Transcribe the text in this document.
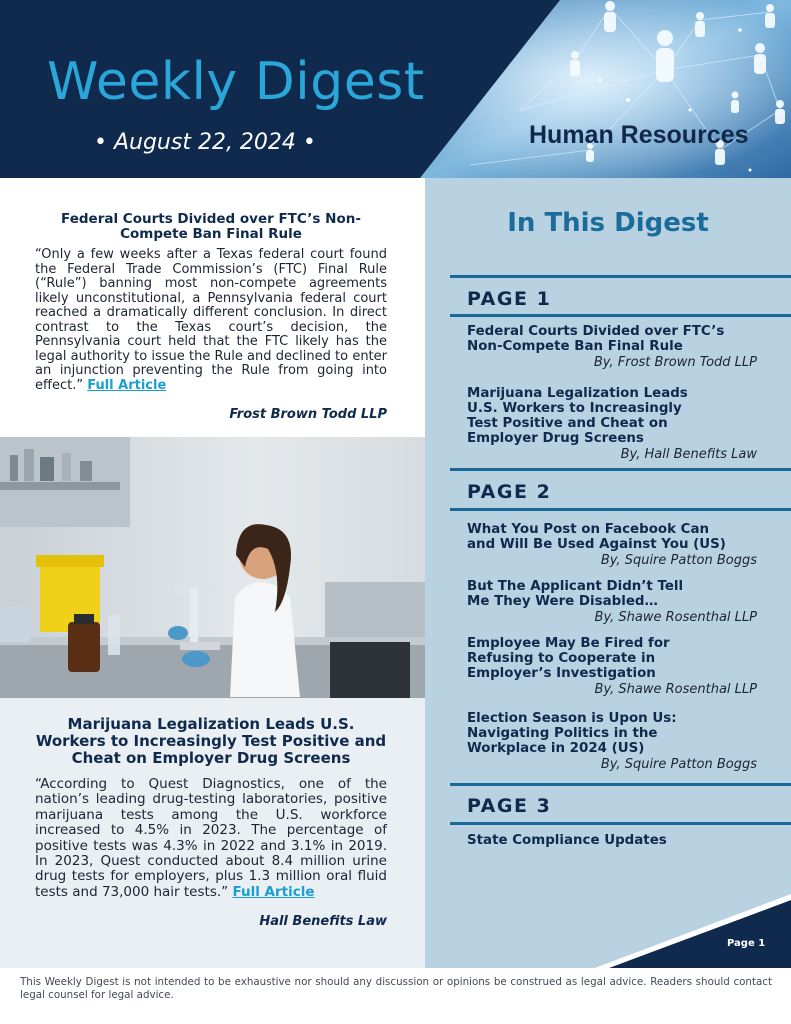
Weekly Digest
• August 22, 2024 •	Human Resources
Federal Courts Divided over FTC’s Non-Compete Ban Final Rule

“Only a few weeks after a Texas federal court found the Federal Trade Commission’s (FTC) Final Rule (“Rule”) banning most non-compete agreements likely unconstitutional, a Pennsylvania federal court reached a dramatically different conclusion. In direct contrast to the Texas court’s decision, the Pennsylvania court held that the FTC likely has the legal authority to issue the Rule and declined to enter an injunction preventing the Rule from going into effect.” Full Article

Frost Brown Todd LLP
Marijuana Legalization Leads U.S. Workers to Increasingly Test Positive and Cheat on Employer Drug Screens

“According to Quest Diagnostics, one of the nation’s leading drug-testing laboratories, positive marijuana tests among the U.S. workforce increased to 4.5% in 2023. The percentage of positive tests was 4.3% in 2022 and 3.1% in 2019. In 2023, Quest conducted about 8.4 million urine drug tests for employers, plus 1.3 million oral fluid tests and 73,000 hair tests.” Full Article

Hall Benefits Law
In This Digest
PAGE 1
Federal Courts Divided over FTC’s Non-Compete Ban Final Rule
By, Frost Brown Todd LLP
Marijuana Legalization Leads U.S. Workers to Increasingly Test Positive and Cheat on Employer Drug Screens
By, Hall Benefits Law
PAGE 2
What You Post on Facebook Can and Will Be Used Against You (US)
By, Squire Patton Boggs
But The Applicant Didn’t Tell Me They Were Disabled…
By, Shawe Rosenthal LLP
Employee May Be Fired for Refusing to Cooperate in Employer’s Investigation
By, Shawe Rosenthal LLP
Election Season is Upon Us: Navigating Politics in the Workplace in 2024 (US)
By, Squire Patton Boggs
PAGE 3
State Compliance Updates
Page 1

This Weekly Digest is not intended to be exhaustive nor should any discussion or opinions be construed as legal advice. Readers should contact legal counsel for legal advice.
